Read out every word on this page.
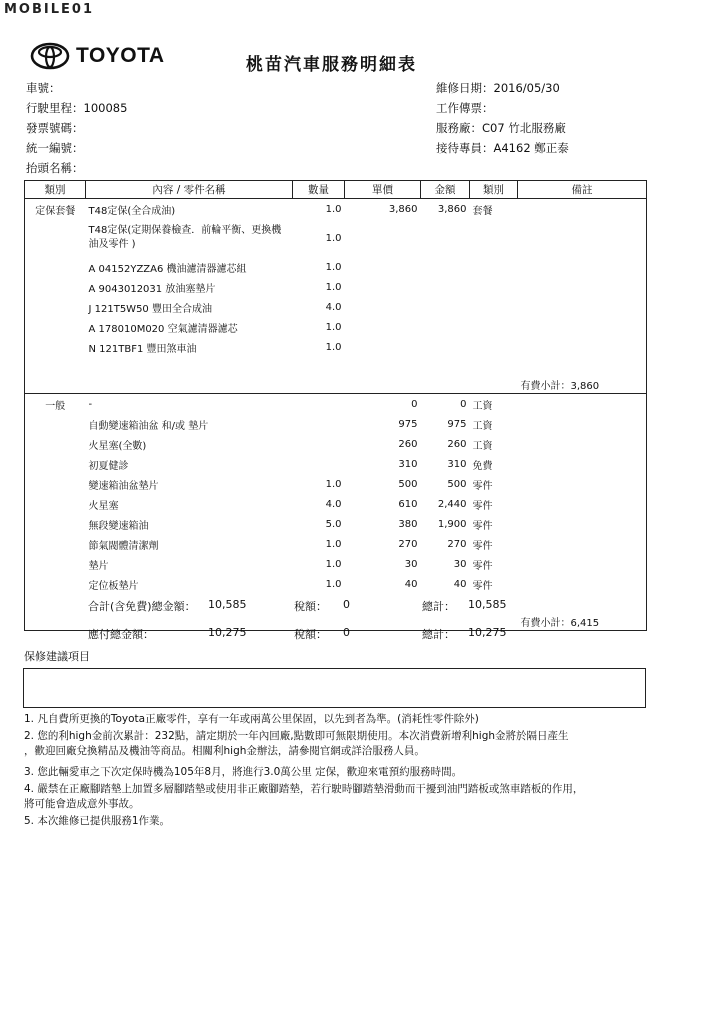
MOBILE01
TOYOTA	桃苗汽車服務明細表
車號：
行駛里程：100085
發票號碼：
統一編號：
抬頭名稱：
維修日期：2016/05/30
工作傳票：
服務廠：C07 竹北服務廠
接待專員：A4162 鄭正泰
類別	內容 / 零件名稱	數量	單價	金額	類別	備註
定保套餐	T48定保(全合成油)	1.0	3,860	3,860	套餐	
	T48定保(定期保養檢查．前輪平衡、更換機油及零件 )	1.0				
	A 04152YZZA6 機油濾清器濾芯組	1.0				
	A 9043012031 放油塞墊片	1.0				
	J 121T5W50 豐田全合成油	4.0				
	A 178010M020 空氣濾清器濾芯	1.0				
	N 121TBF1 豐田煞車油	1.0				

						有費小計：3,860
一般	-		0	0	工資	
	自動變速箱油盆 和/或 墊片		975	975	工資	
	火星塞(全數)		260	260	工資	
	初夏健診		310	310	免費	
	變速箱油盆墊片	1.0	500	500	零件	
	火星塞	4.0	610	2,440	零件	
	無段變速箱油	5.0	380	1,900	零件	
	節氣閥體清潔劑	1.0	270	270	零件	
	墊片	1.0	30	30	零件	
	定位板墊片	1.0	40	40	零件	

						有費小計：6,415
合計(含免費)總金額： 10,585	稅額： 0	總計： 10,585
應付總金額：	10,275	稅額： 0	總計： 10,275
保修建議項目
1. 凡自費所更換的Toyota正廠零件，享有一年或兩萬公里保固，以先到者為準。(消耗性零件除外)
2. 您的利high金前次累計：232點，請定期於一年內回廠,點數即可無限期使用。本次消費新增利high金將於隔日產生
，歡迎回廠兌換精品及機油等商品。相關利high金辦法，請參閱官網或詳洽服務人員。
3. 您此輛愛車之下次定保時機為105年8月，將進行3.0萬公里 定保，歡迎來電預約服務時間。
4. 嚴禁在正廠腳踏墊上加置多層腳踏墊或使用非正廠腳踏墊，若行駛時腳踏墊滑動而干擾到油門踏板或煞車踏板的作用，
將可能會造成意外事故。
5. 本次維修已提供服務1作業。
